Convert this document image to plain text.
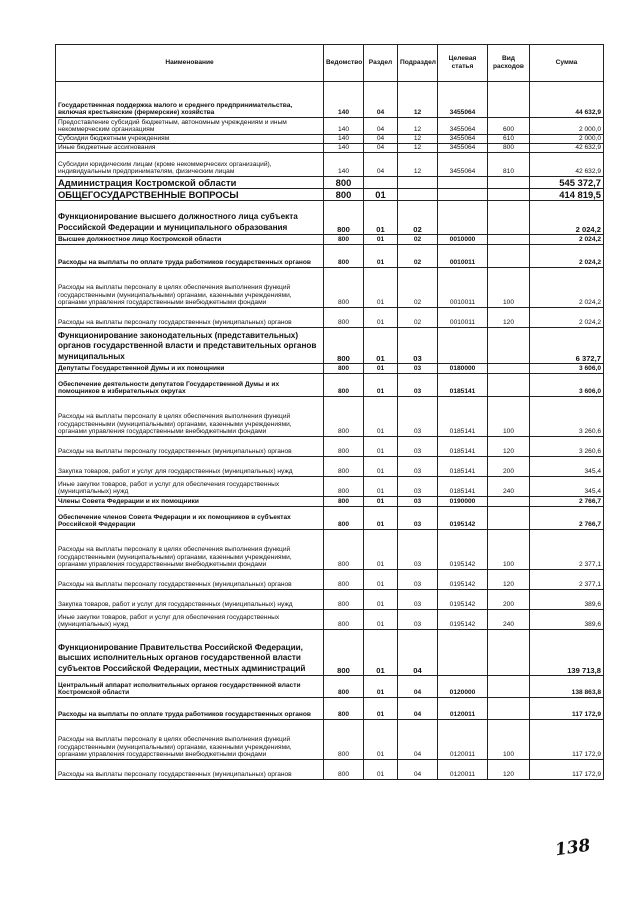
Наименование	Ведомство	Раздел	Подраздел	Целевая статья	Вид расходов	Сумма
Государственная поддержка малого и среднего предпринимательства, включая крестьянские (фермерские) хозяйства	140	04	12	3455064		44 632,9
Предоставление субсидий бюджетным, автономным учреждениям и иным некоммерческим организациям	140	04	12	3455064	600	2 000,0
Субсидии бюджетным учреждениям	140	04	12	3455064	610	2 000,0
Иные бюджетные ассигнования	140	04	12	3455064	800	42 632,9
Субсидии юридическим лицам (кроме некоммерческих организаций), индивидуальным предпринимателям, физическим лицам	140	04	12	3455064	810	42 632,9
Администрация Костромской области	800					545 372,7
ОБЩЕГОСУДАРСТВЕННЫЕ ВОПРОСЫ	800	01				414 819,5
Функционирование высшего должностного лица субъекта Российской Федерации и муниципального образования	800	01	02			2 024,2
Высшее должностное лицо Костромской области	800	01	02	0010000		2 024,2
Расходы на выплаты по оплате труда работников государственных органов	800	01	02	0010011		2 024,2
Расходы на выплаты персоналу в целях обеспечения выполнения функций государственными (муниципальными) органами, казенными учреждениями, органами управления государственными внебюджетными фондами	800	01	02	0010011	100	2 024,2
Расходы на выплаты персоналу государственных (муниципальных) органов	800	01	02	0010011	120	2 024,2
Функционирование законодательных (представительных) органов государственной власти и представительных органов муниципальных	800	01	03			6 372,7
Депутаты Государственной Думы и их помощники	800	01	03	0180000		3 606,0
Обеспечение деятельности депутатов Государственной Думы и их помощников в избирательных округах	800	01	03	0185141		3 606,0
Расходы на выплаты персоналу в целях обеспечения выполнения функций государственными (муниципальными) органами, казенными учреждениями, органами управления государственными внебюджетными фондами	800	01	03	0185141	100	3 260,6
Расходы на выплаты персоналу государственных (муниципальных) органов	800	01	03	0185141	120	3 260,6
Закупка товаров, работ и услуг для государственных (муниципальных) нужд	800	01	03	0185141	200	345,4
Иные закупки товаров, работ и услуг для обеспечения государственных (муниципальных) нужд	800	01	03	0185141	240	345,4
Члены Совета Федерации и их помощники	800	01	03	0190000		2 766,7
Обеспечение членов Совета Федерации и их помощников в субъектах Российской Федерации	800	01	03	0195142		2 766,7
Расходы на выплаты персоналу в целях обеспечения выполнения функций государственными (муниципальными) органами, казенными учреждениями, органами управления государственными внебюджетными фондами	800	01	03	0195142	100	2 377,1
Расходы на выплаты персоналу государственных (муниципальных) органов	800	01	03	0195142	120	2 377,1
Закупка товаров, работ и услуг для государственных (муниципальных) нужд	800	01	03	0195142	200	389,6
Иные закупки товаров, работ и услуг для обеспечения государственных (муниципальных) нужд	800	01	03	0195142	240	389,6
Функционирование Правительства Российской Федерации, высших исполнительных органов государственной власти субъектов Российской Федерации, местных администраций	800	01	04			139 713,8
Центральный аппарат исполнительных органов государственной власти Костромской области	800	01	04	0120000		138 863,8
Расходы на выплаты по оплате труда работников государственных органов	800	01	04	0120011		117 172,9
Расходы на выплаты персоналу в целях обеспечения выполнения функций государственными (муниципальными) органами, казенными учреждениями, органами управления государственными внебюджетными фондами	800	01	04	0120011	100	117 172,9
Расходы на выплаты персоналу государственных (муниципальных) органов	800	01	04	0120011	120	117 172,9
138
